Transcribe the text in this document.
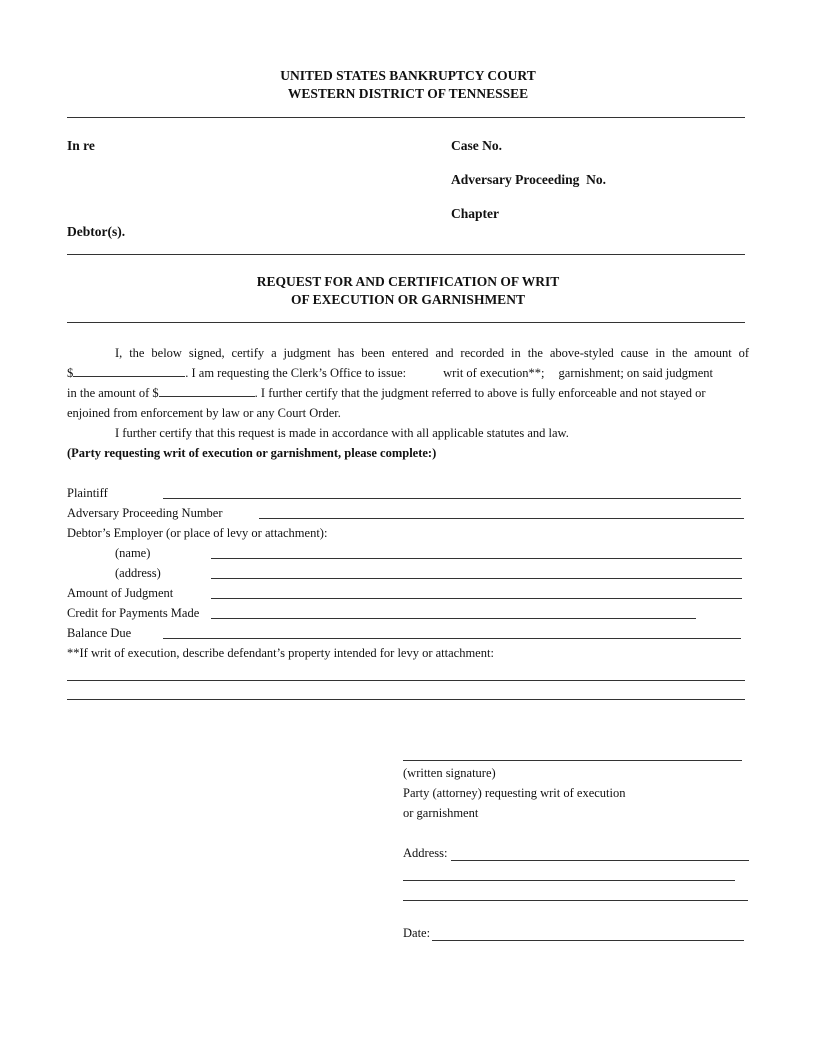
UNITED STATES BANKRUPTCY COURT
WESTERN DISTRICT OF TENNESSEE
In re	Case No.
Adversary Proceeding  No.
Chapter
Debtor(s).
REQUEST FOR AND CERTIFICATION OF WRIT
OF EXECUTION OR GARNISHMENT
I, the below signed, certify a judgment has been entered and recorded in the above-styled cause in the amount of
$	. I am requesting the Clerk’s Office to issue:	writ of execution**; garnishment; on said judgment
in the amount of $	. I further certify that the judgment referred to above is fully enforceable and not stayed or
enjoined from enforcement by law or any Court Order.
I further certify that this request is made in accordance with all applicable statutes and law.
(Party requesting writ of execution or garnishment, please complete:)
Plaintiff
Adversary Proceeding Number
Debtor’s Employer (or place of levy or attachment):
(name)
(address)
Amount of Judgment
Credit for Payments Made
Balance Due
**If writ of execution, describe defendant’s property intended for levy or attachment:
(written signature)
Party (attorney) requesting writ of execution
or garnishment
Address:
Date:
